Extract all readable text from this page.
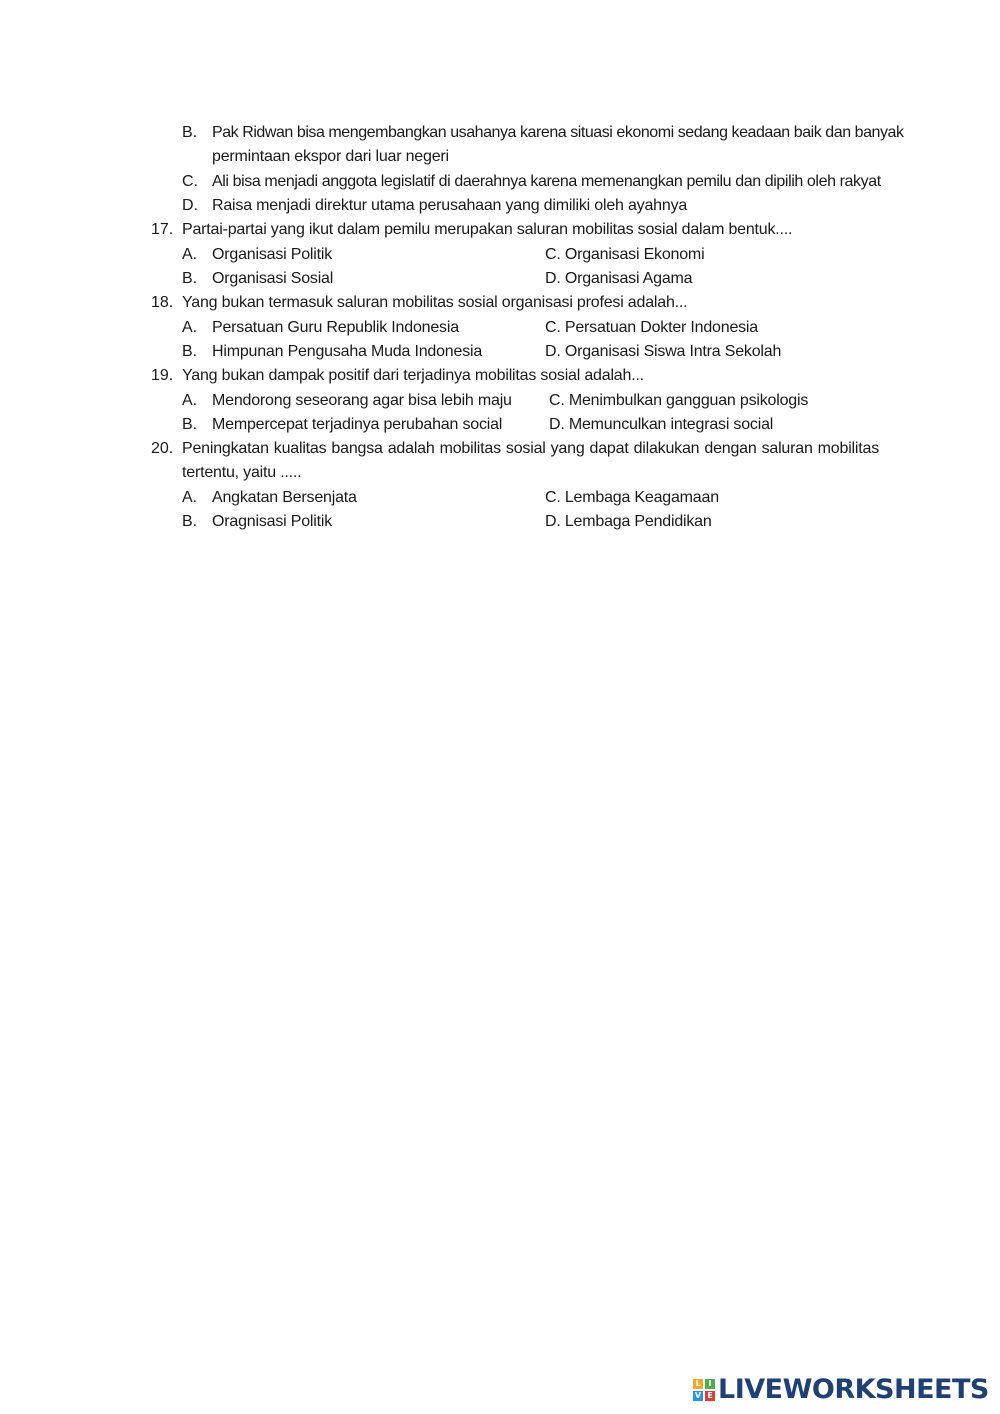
B. Pak Ridwan bisa mengembangkan usahanya karena situasi ekonomi sedang keadaan baik dan banyak
permintaan ekspor dari luar negeri
C. Ali bisa menjadi anggota legislatif di daerahnya karena memenangkan pemilu dan dipilih oleh rakyat
D. Raisa menjadi direktur utama perusahaan yang dimiliki oleh ayahnya
17. Partai-partai yang ikut dalam pemilu merupakan saluran mobilitas sosial dalam bentuk....
A. Organisasi Politik	C. Organisasi Ekonomi
B. Organisasi Sosial	D. Organisasi Agama
18. Yang bukan termasuk saluran mobilitas sosial organisasi profesi adalah...
A. Persatuan Guru Republik Indonesia	C. Persatuan Dokter Indonesia
B. Himpunan Pengusaha Muda Indonesia	D. Organisasi Siswa Intra Sekolah
19. Yang bukan dampak positif dari terjadinya mobilitas sosial adalah...
A. Mendorong seseorang agar bisa lebih maju C. Menimbulkan gangguan psikologis
B. Mempercepat terjadinya perubahan social	D. Memunculkan integrasi social
20. Peningkatan kualitas bangsa adalah mobilitas sosial yang dapat dilakukan dengan saluran mobilitas
tertentu, yaitu .....
A. Angkatan Bersenjata	C. Lembaga Keagamaan
B. Oragnisasi Politik	D. Lembaga Pendidikan
L I
V E LIVEWORKSHEETS
